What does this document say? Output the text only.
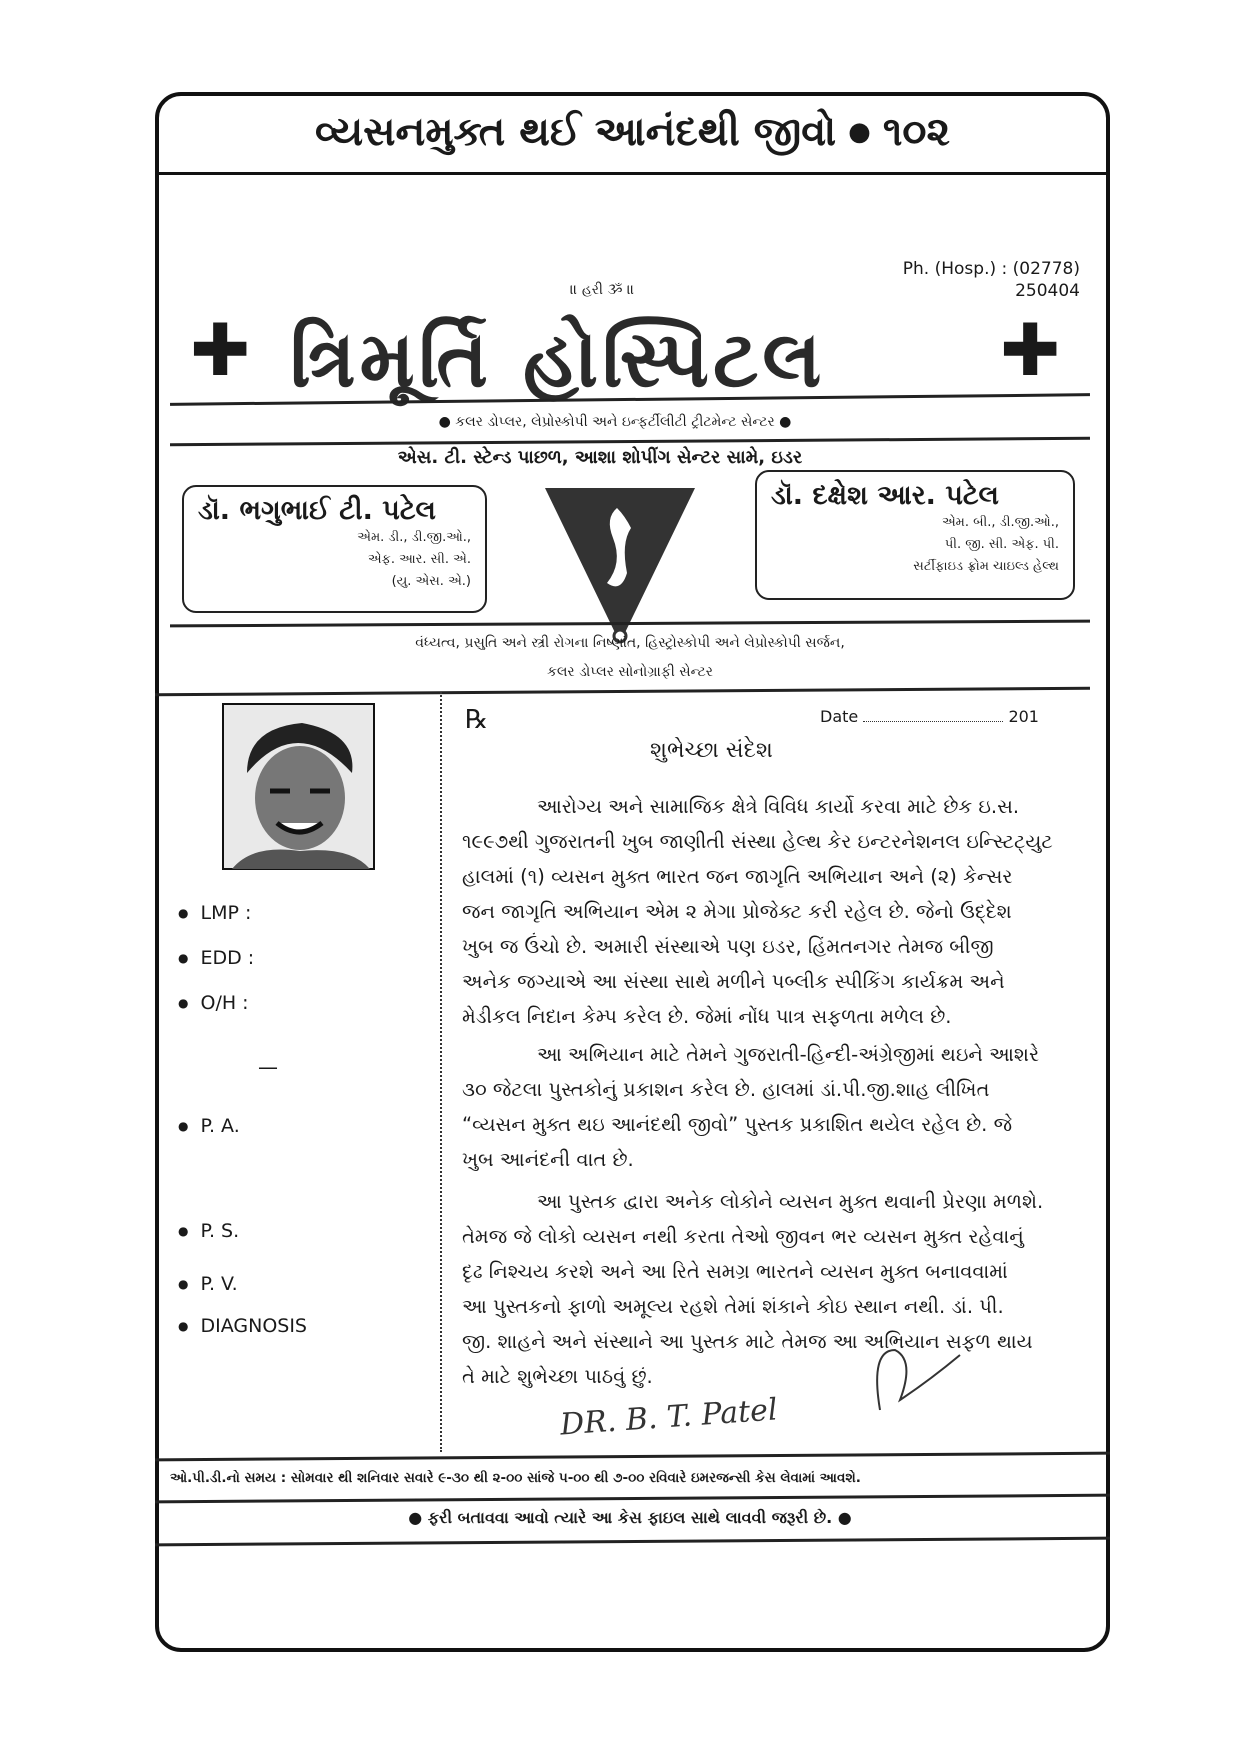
વ્યસનમુક્ત થઈ આનંદથી જીવો ● ૧૦૨
॥ હરી ૐ ॥
Ph. (Hosp.) : (02778) 250404
✚ ત્રિમૂર્તિ હોસ્પિટલ ✚
● કલર ડોપ્લર, લેપ્રોસ્કોપી અને ઇન્ફર્ટીલીટી ટ્રીટમેન્ટ સેન્ટર ●
એસ. ટી. સ્ટેન્ડ પાછળ, આશા શોપીંગ સેન્ટર સામે, ઇડર
ડૉ. ભગુભાઈ ટી. પટેલ
એમ. ડી., ડી.જી.ઓ.,
એફ. આર. સી. એ.
(યુ. એસ. એ.)
ડૉ. દક્ષેશ આર. પટેલ
એમ. બી., ડી.જી.ઓ.,
પી. જી. સી. એફ. પી.
સર્ટીફાઇડ ફ્રોમ ચાઇલ્ડ હેલ્થ
વંધ્યત્વ, પ્રસુતિ અને સ્ત્રી રોગના નિષ્ણાંત, હિસ્ટ્રોસ્કોપી અને લેપ્રોસ્કોપી સર્જન,
કલર ડોપ્લર સોનોગ્રાફી સેન્ટર
● LMP :
● EDD :
● O/H :
—
● P. A.
● P. S.
● P. V.
● DIAGNOSIS
℞	Date	201
શુભેચ્છા સંદેશ
આરોગ્ય અને સામાજિક ક્ષેત્રે વિવિધ કાર્યો કરવા માટે છેક ઇ.સ.
૧૯૯૭થી ગુજરાતની ખુબ જાણીતી સંસ્થા હેલ્થ કેર ઇન્ટરનેશનલ ઇન્સ્ટિટ્યુટ
હાલમાં (૧) વ્યસન મુક્ત ભારત જન જાગૃતિ અભિયાન અને (૨) કેન્સર
જન જાગૃતિ અભિયાન એમ ૨ મેગા પ્રોજેક્ટ કરી રહેલ છે. જેનો ઉદ્દેશ
ખુબ જ ઉંચો છે. અમારી સંસ્થાએ પણ ઇડર, હિંમતનગર તેમજ બીજી
અનેક જગ્યાએ આ સંસ્થા સાથે મળીને પબ્લીક સ્પીકિંગ કાર્યક્રમ અને
મેડીકલ નિદાન કેમ્પ કરેલ છે. જેમાં નોંધ પાત્ર સફળતા મળેલ છે.
આ અભિયાન માટે તેમને ગુજરાતી-હિન્દી-અંગ્રેજીમાં થઇને આશરે
૩૦ જેટલા પુસ્તકોનું પ્રકાશન કરેલ છે. હાલમાં ડાં.પી.જી.શાહ લીખિત
“વ્યસન મુક્ત થઇ આનંદથી જીવો” પુસ્તક પ્રકાશિત થયેલ રહેલ છે. જે
ખુબ આનંદની વાત છે.
આ પુસ્તક દ્વારા અનેક લોકોને વ્યસન મુક્ત થવાની પ્રેરણા મળશે.
તેમજ જે લોકો વ્યસન નથી કરતા તેઓ જીવન ભર વ્યસન મુક્ત રહેવાનું
દૃઢ નિશ્ચય કરશે અને આ રિતે સમગ્ર ભારતને વ્યસન મુક્ત બનાવવામાં
આ પુસ્તકનો ફાળો અમૂલ્ય રહશે તેમાં શંકાને કોઇ સ્થાન નથી. ડાં. પી.
જી. શાહને અને સંસ્થાને આ પુસ્તક માટે તેમજ આ અભિયાન સફળ થાય
તે માટે શુભેચ્છા પાઠવું છું.
DR. B. T. Patel
ઓ.પી.ડી.નો સમય : સોમવાર થી શનિવાર સવારે ૯-૩૦ થી ૨-૦૦ સાંજે ૫-૦૦ થી ૭-૦૦ રવિવારે ઇમરજન્સી કેસ લેવામાં આવશે.
● ફરી બતાવવા આવો ત્યારે આ કેસ ફાઇલ સાથે લાવવી જરૂરી છે. ●
